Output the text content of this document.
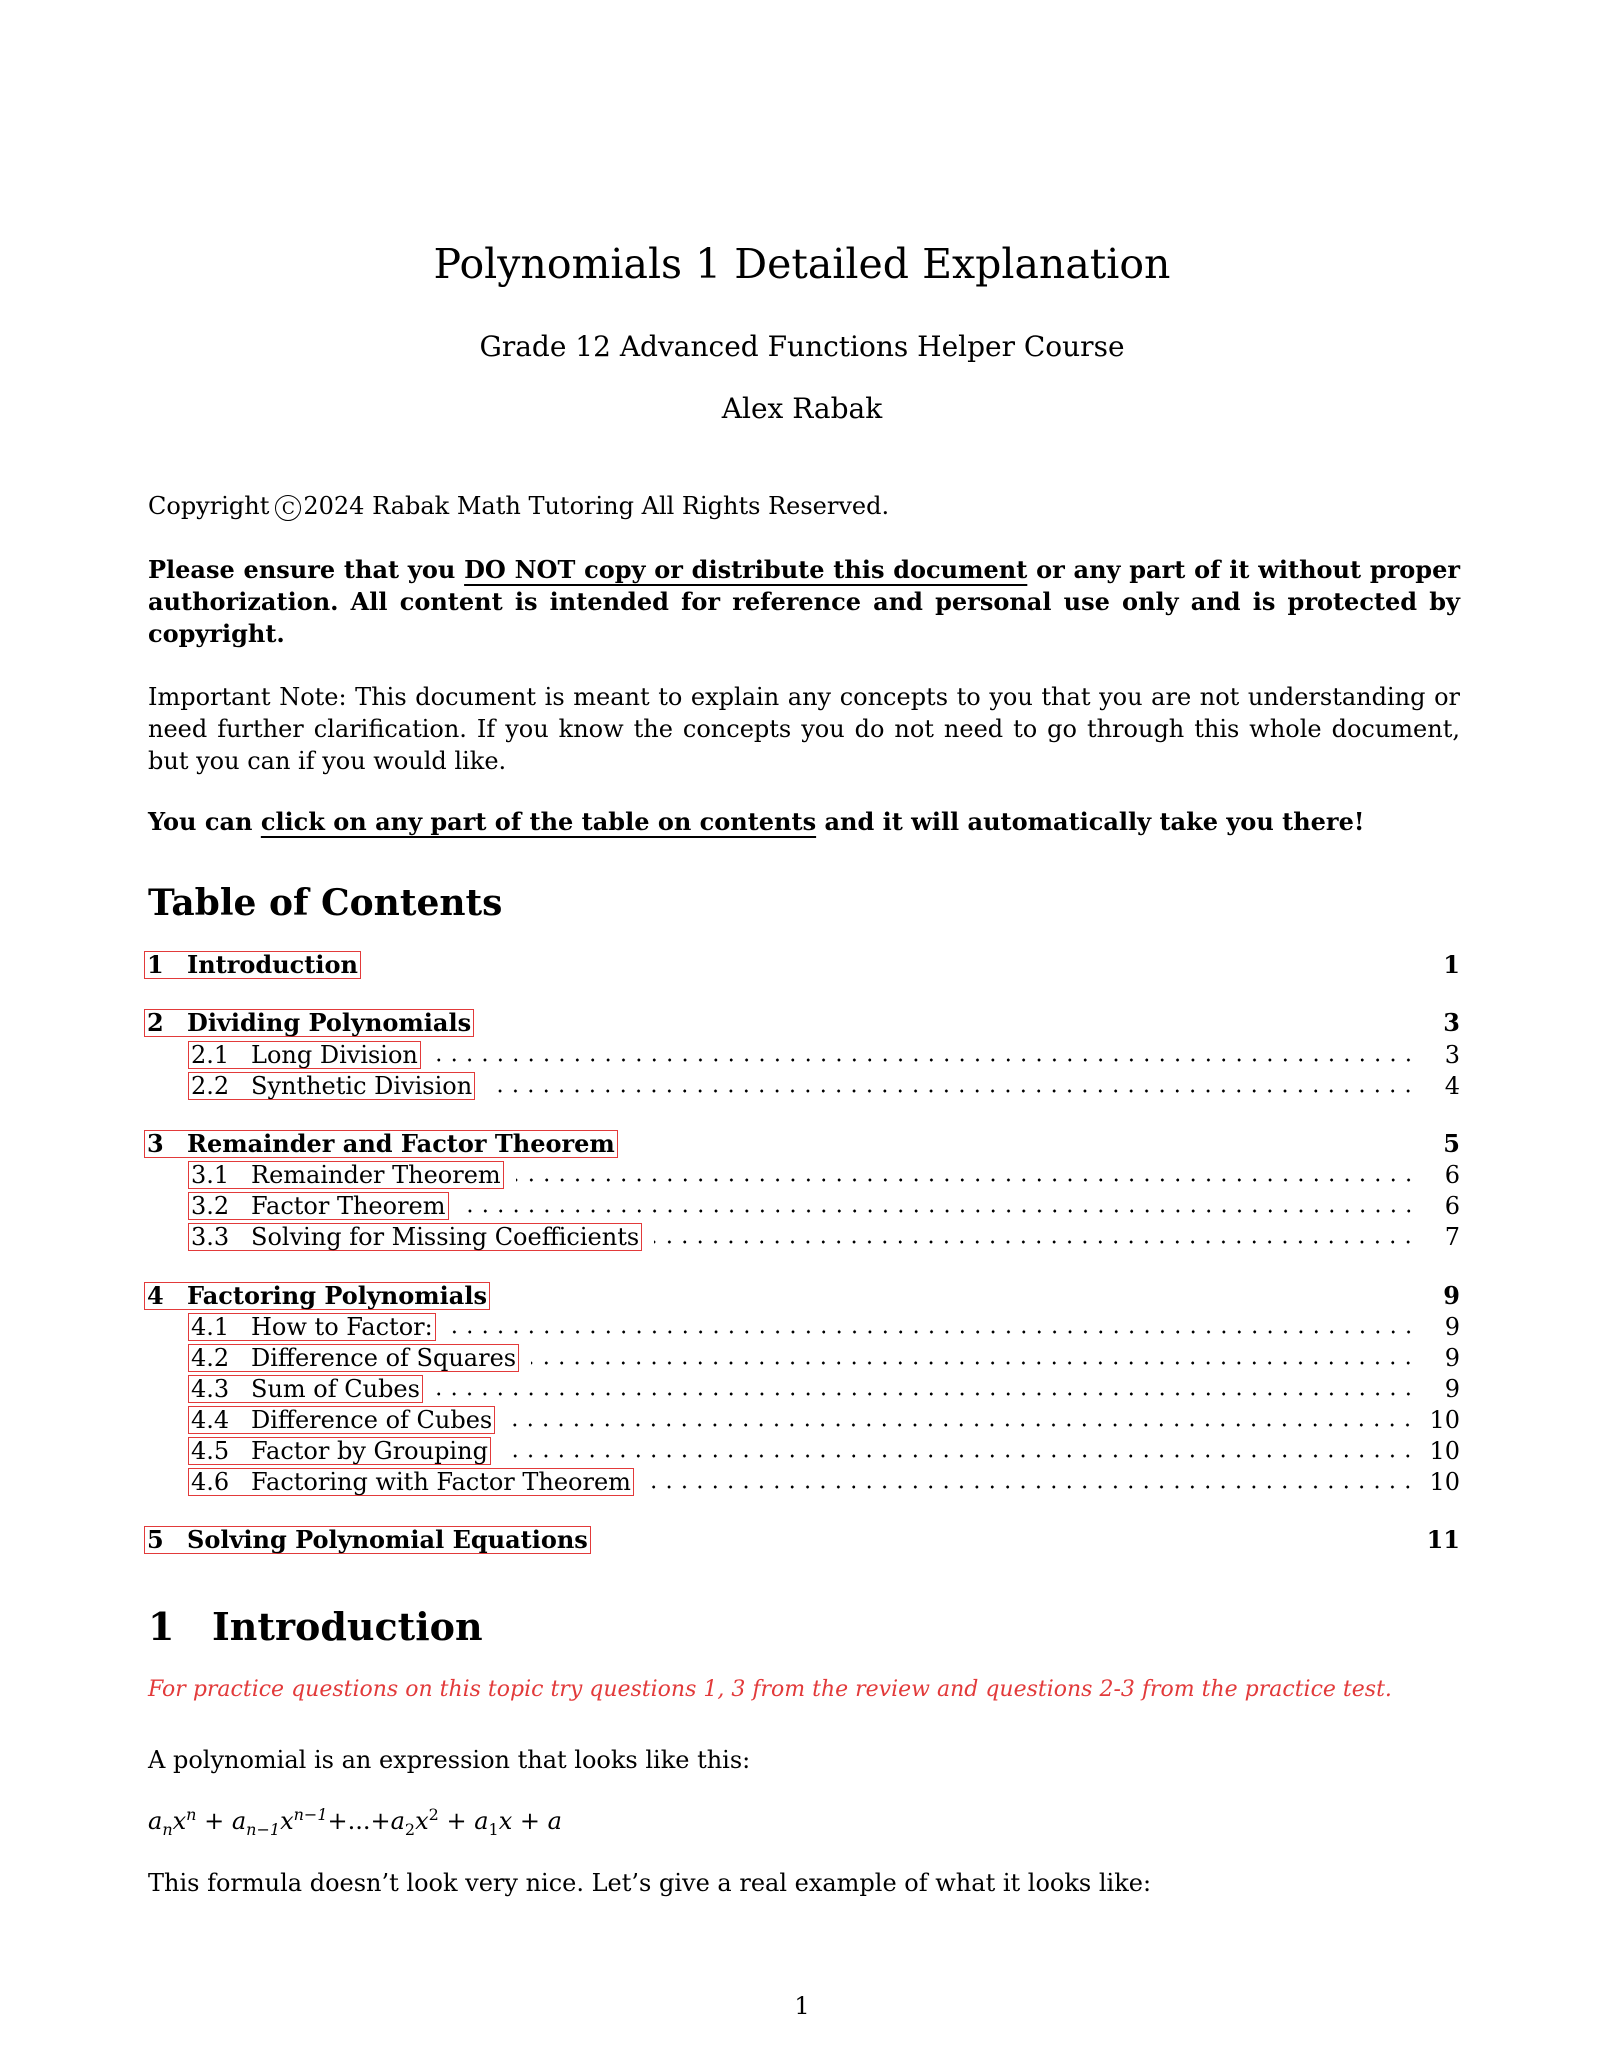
Polynomials 1 Detailed Explanation
Grade 12 Advanced Functions Helper Course
Alex Rabak
Copyright C 2024 Rabak Math Tutoring All Rights Reserved.

Please ensure that you DO NOT copy or distribute this document or any part of it without proper authorization. All content is intended for reference and personal use only and is protected by copyright.

Important Note: This document is meant to explain any concepts to you that you are not understanding or need further clarification. If you know the concepts you do not need to go through this whole document, but you can if you would like.

You can click on any part of the table on contents and it will automatically take you there!

Table of Contents
1 Introduction	1
2 Dividing Polynomials	3
2.1 Long Division	3
2.2 Synthetic Division	4
3 Remainder and Factor Theorem	5
3.1 Remainder Theorem	6
3.2 Factor Theorem	6
3.3 Solving for Missing Coefficients	7
4 Factoring Polynomials	9
4.1 How to Factor:	9
4.2 Difference of Squares	9
4.3 Sum of Cubes	9
4.4 Difference of Cubes	10
4.5 Factor by Grouping	10
4.6 Factoring with Factor Theorem	10
5 Solving Polynomial Equations	11
1 Introduction
For practice questions on this topic try questions 1, 3 from the review and questions 2-3 from the practice test.

A polynomial is an expression that looks like this:

$a_nx^n + a_{n-1}x^{n-1}+...+a_2x^2 + a_1x + a$

This formula doesn’t look very nice. Let’s give a real example of what it looks like:

1
